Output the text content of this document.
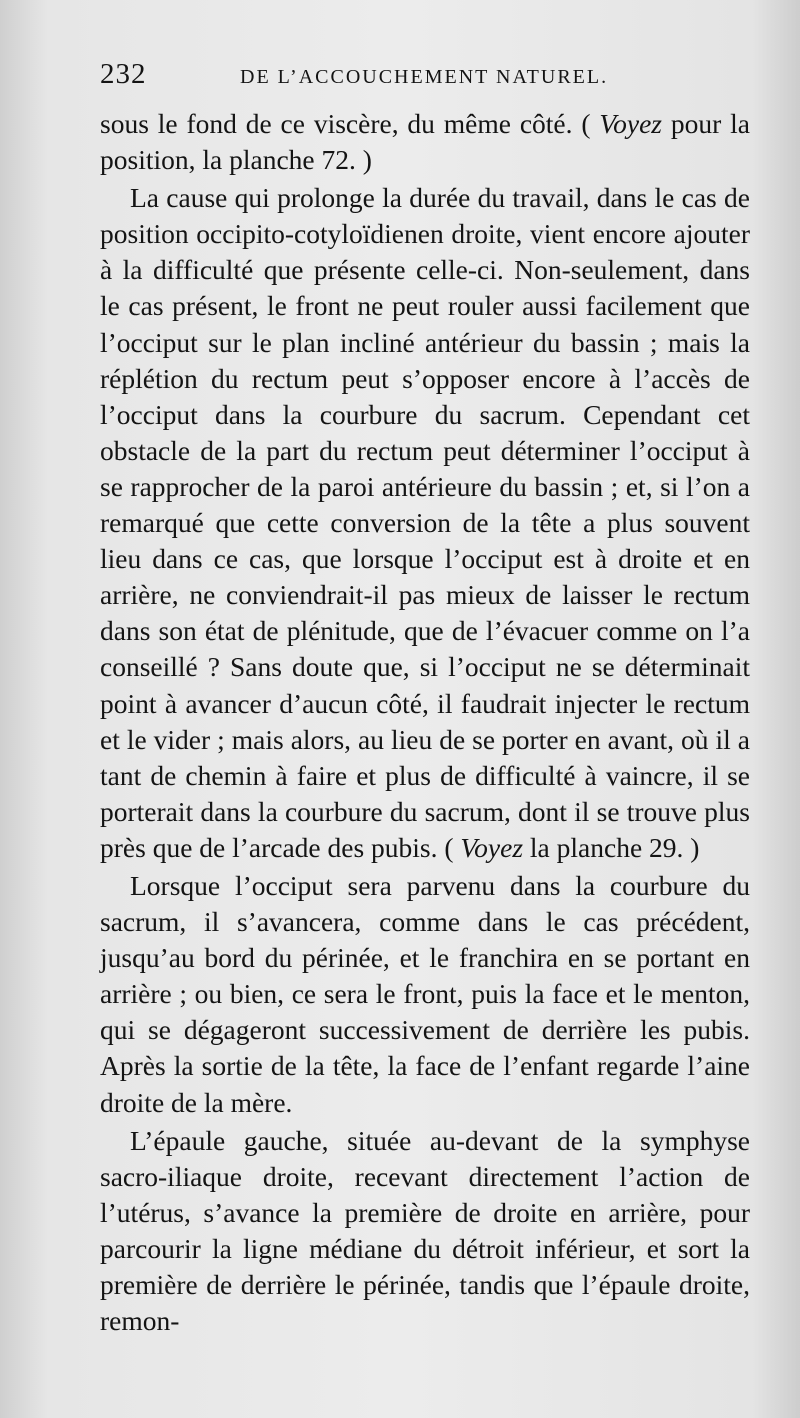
232	DE L’ACCOUCHEMENT NATUREL.

sous le fond de ce viscère, du même côté. ( Voyez pour la position, la planche 72. )

La cause qui prolonge la durée du travail, dans le cas de position occipito-cotyloïdienen droite, vient encore ajouter à la difficulté que présente celle-ci. Non-seulement, dans le cas présent, le front ne peut rouler aussi facilement que l’occiput sur le plan incliné antérieur du bassin ; mais la réplétion du rectum peut s’opposer encore à l’accès de l’occiput dans la courbure du sacrum. Cependant cet obstacle de la part du rectum peut déterminer l’occiput à se rapprocher de la paroi antérieure du bassin ; et, si l’on a remarqué que cette conversion de la tête a plus souvent lieu dans ce cas, que lorsque l’occiput est à droite et en arrière, ne conviendrait-il pas mieux de laisser le rectum dans son état de plénitude, que de l’évacuer comme on l’a conseillé ? Sans doute que, si l’occiput ne se déterminait point à avancer d’aucun côté, il faudrait injecter le rectum et le vider ; mais alors, au lieu de se porter en avant, où il a tant de chemin à faire et plus de difficulté à vaincre, il se porterait dans la courbure du sacrum, dont il se trouve plus près que de l’arcade des pubis. ( Voyez la planche 29. )

Lorsque l’occiput sera parvenu dans la courbure du sacrum, il s’avancera, comme dans le cas précédent, jusqu’au bord du périnée, et le franchira en se portant en arrière ; ou bien, ce sera le front, puis la face et le menton, qui se dégageront successivement de derrière les pubis. Après la sortie de la tête, la face de l’enfant regarde l’aine droite de la mère.

L’épaule gauche, située au-devant de la symphyse sacro-iliaque droite, recevant directement l’action de l’utérus, s’avance la première de droite en arrière, pour parcourir la ligne médiane du détroit inférieur, et sort la première de derrière le périnée, tandis que l’épaule droite, remon-
